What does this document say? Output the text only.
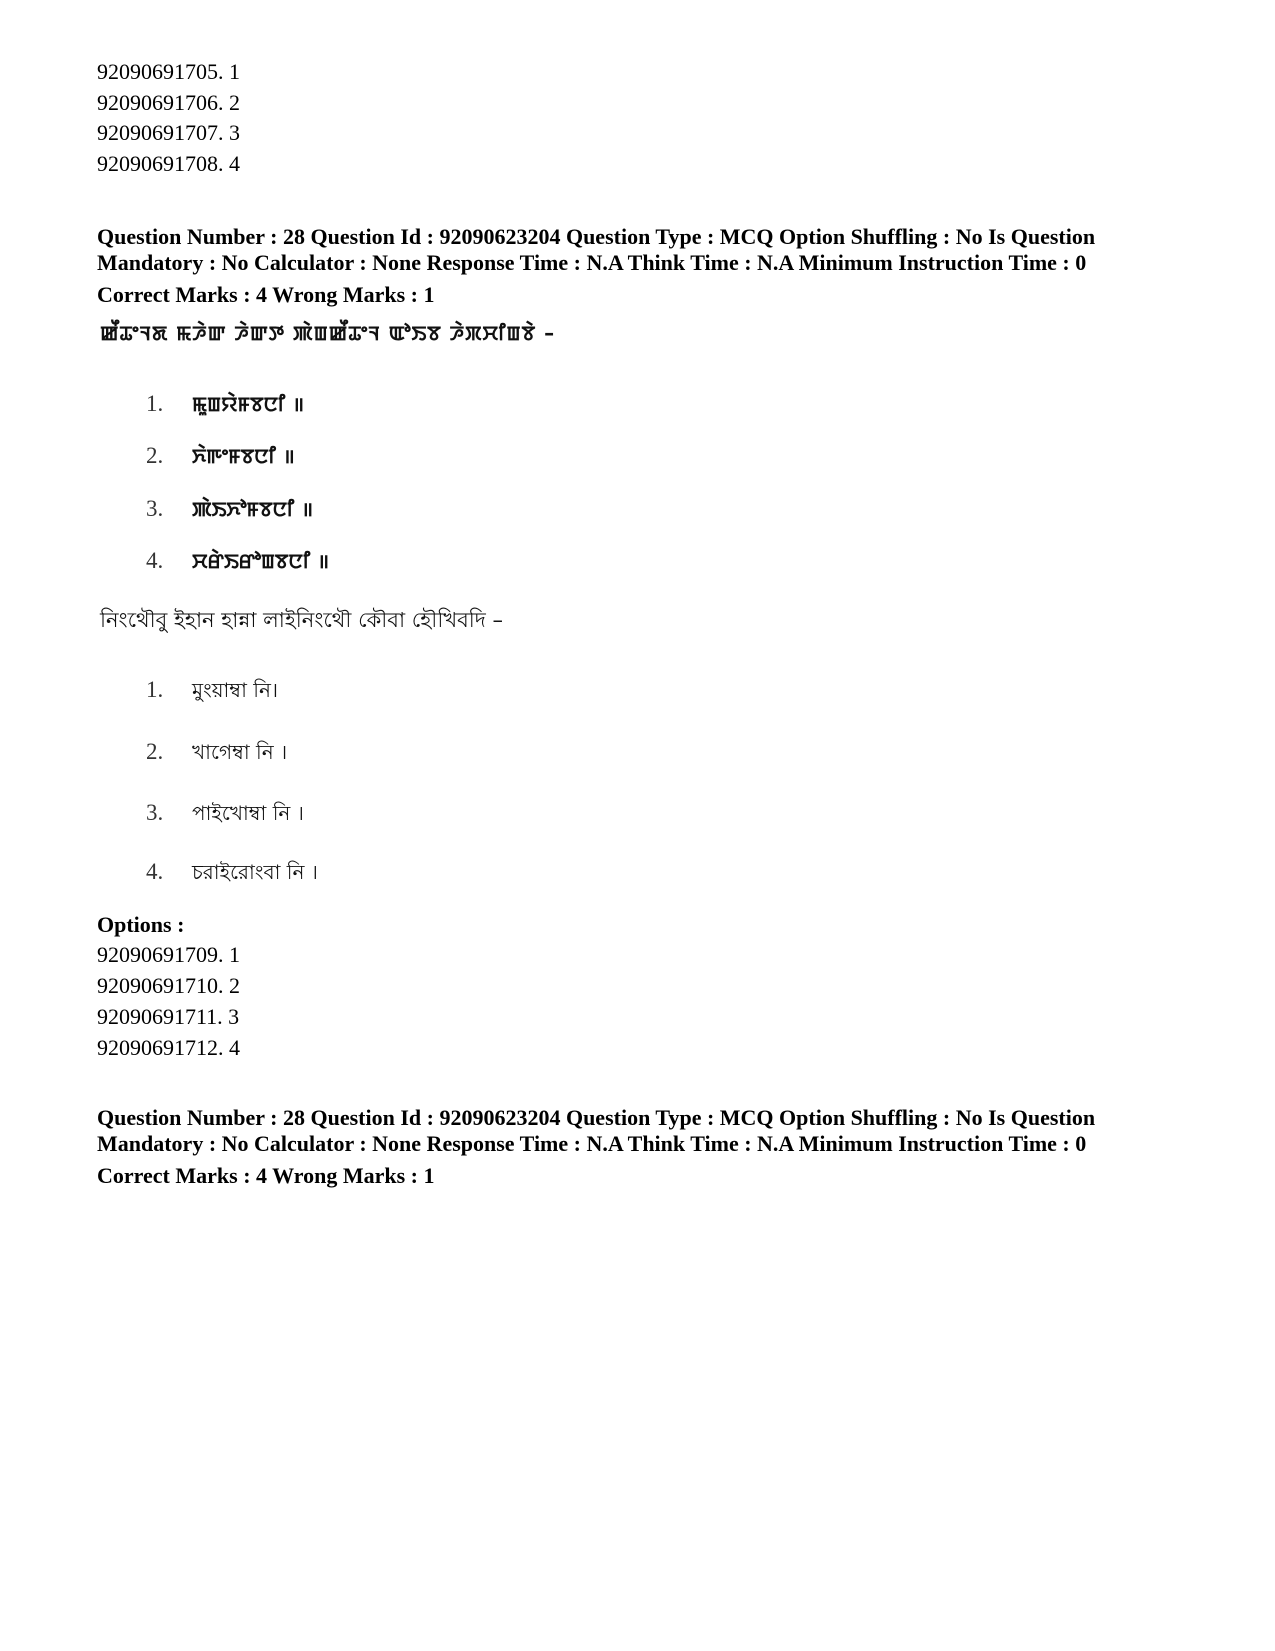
92090691705. 1
92090691706. 2
92090691707. 3
92090691708. 4
Question Number : 28 Question Id : 92090623204 Question Type : MCQ Option Shuffling : No Is Question
Mandatory : No Calculator : None Response Time : N.A Think Time : N.A Minimum Instruction Time : 0
Correct Marks : 4 Wrong Marks : 1
ꯀꯩꯊꯦꯜꯗ ꯃꯍꯥꯛ ꯍꯥꯛꯇ ꯄꯥꯡꯀꯩꯊꯦꯜ ꯑꯣꯏꯕ ꯍꯥꯞꯆꯤꯡꯕꯥ –
1. ꯃꯨꯡꯌꯥꯝꯕꯅꯤ ॥
2. ꯈꯥꯒꯦꯝꯕꯅꯤ ॥
3. ꯄꯥꯏꯈꯣꯝꯕꯅꯤ ॥
4. ꯆꯔꯥꯏꯔꯣꯡꯕꯅꯤ ॥
নিংথৌবু ইহান হান্না লাইনিংথৌ কৌবা হৌখিবদি –
1. মুংয়াম্বা নি।
2. খাগেম্বা নি ।
3. পাইখোম্বা নি ।
4. চরাইরোংবা নি ।
Options :
92090691709. 1
92090691710. 2
92090691711. 3
92090691712. 4
Question Number : 28 Question Id : 92090623204 Question Type : MCQ Option Shuffling : No Is Question
Mandatory : No Calculator : None Response Time : N.A Think Time : N.A Minimum Instruction Time : 0
Correct Marks : 4 Wrong Marks : 1
